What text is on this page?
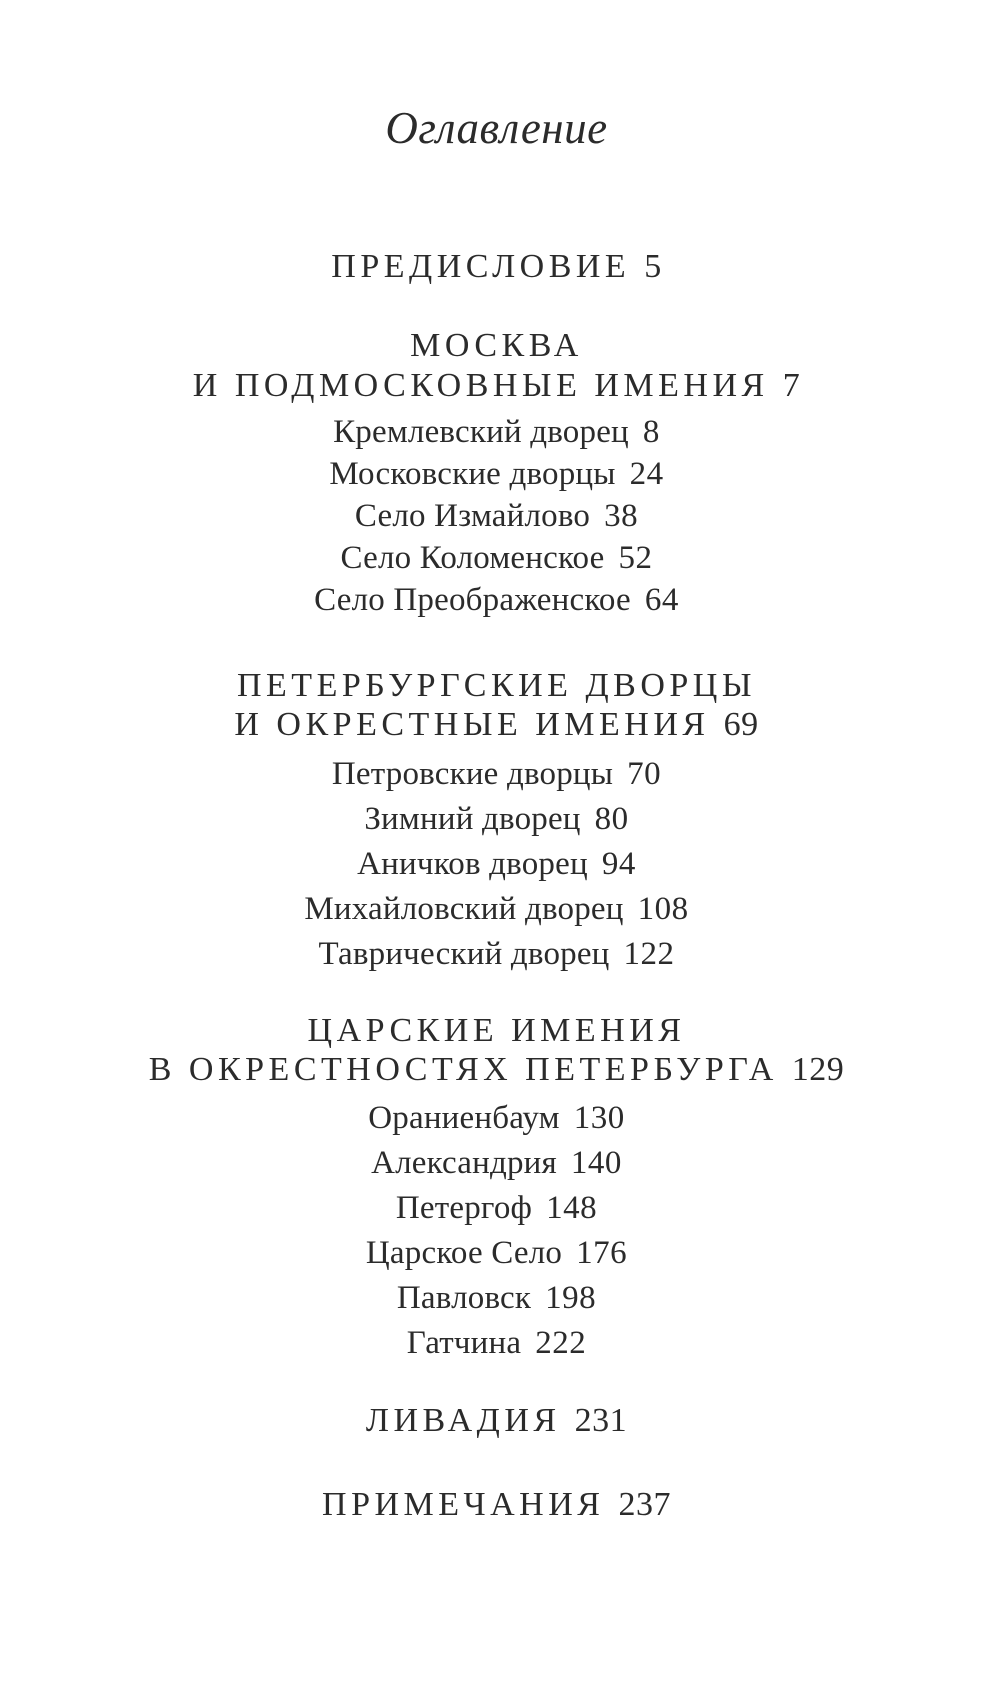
Оглавление
ПРЕДИСЛОВИЕ 5
МОСКВА
И ПОДМОСКОВНЫЕ ИМЕНИЯ 7
Кремлевский дворец 8
Московские дворцы 24
Село Измайлово 38
Село Коломенское 52
Село Преображенское 64
ПЕТЕРБУРГСКИЕ ДВОРЦЫ
И ОКРЕСТНЫЕ ИМЕНИЯ 69
Петровские дворцы 70
Зимний дворец 80
Аничков дворец 94
Михайловский дворец 108
Таврический дворец 122
ЦАРСКИЕ ИМЕНИЯ
В ОКРЕСТНОСТЯХ ПЕТЕРБУРГА 129
Ораниенбаум 130
Александрия 140
Петергоф 148
Царское Село 176
Павловск 198
Гатчина 222
ЛИВАДИЯ 231
ПРИМЕЧАНИЯ 237
